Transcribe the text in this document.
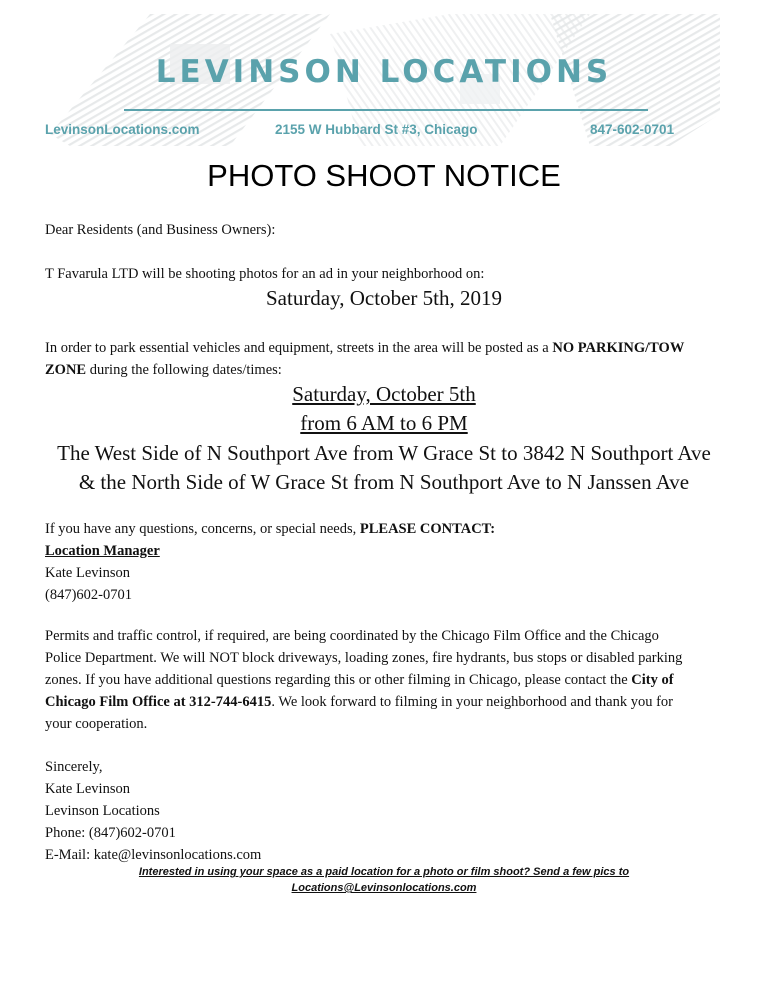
LEVINSON LOCATIONS
LevinsonLocations.com	2155 W Hubbard St #3, Chicago	847-602-0701
PHOTO SHOOT NOTICE

Dear Residents (and Business Owners):

T Favarula LTD will be shooting photos for an ad in your neighborhood on:

Saturday, October 5th, 2019

In order to park essential vehicles and equipment, streets in the area will be posted as a NO PARKING/TOW
ZONE during the following dates/times:

Saturday, October 5th
from 6 AM to 6 PM
The West Side of N Southport Ave from W Grace St to 3842 N Southport Ave
& the North Side of W Grace St from N Southport Ave to N Janssen Ave

If you have any questions, concerns, or special needs, PLEASE CONTACT:
Location Manager
Kate Levinson
(847)602-0701

Permits and traffic control, if required, are being coordinated by the Chicago Film Office and the Chicago
Police Department. We will NOT block driveways, loading zones, fire hydrants, bus stops or disabled parking
zones. If you have additional questions regarding this or other filming in Chicago, please contact the City of
Chicago Film Office at 312-744-6415. We look forward to filming in your neighborhood and thank you for
your cooperation.

Sincerely,
Kate Levinson
Levinson Locations
Phone: (847)602-0701
E-Mail: kate@levinsonlocations.com

Interested in using your space as a paid location for a photo or film shoot? Send a few pics to
Locations@Levinsonlocations.com
